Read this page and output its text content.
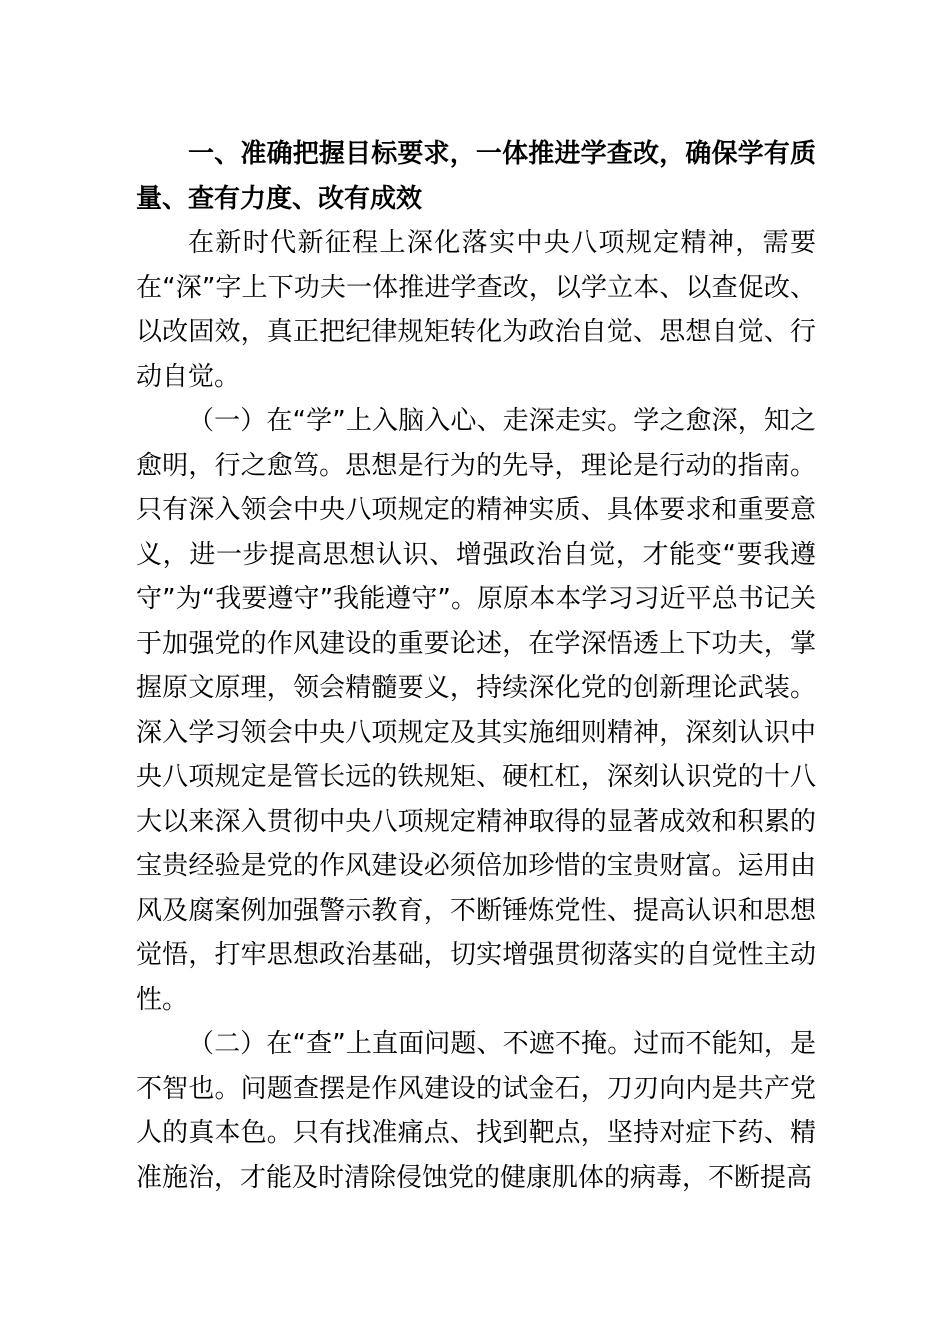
一、准确把握目标要求，一体推进学查改，确保学有质量、查有力度、改有成效

在新时代新征程上深化落实中央八项规定精神，需要在“深”字上下功夫一体推进学查改，以学立本、以查促改、以改固效，真正把纪律规矩转化为政治自觉、思想自觉、行动自觉。

（一）在“学”上入脑入心、走深走实。学之愈深，知之愈明，行之愈笃。思想是行为的先导，理论是行动的指南。只有深入领会中央八项规定的精神实质、具体要求和重要意义，进一步提高思想认识、增强政治自觉，才能变“要我遵守”为“我要遵守”我能遵守”。原原本本学习习近平总书记关于加强党的作风建设的重要论述，在学深悟透上下功夫，掌握原文原理，领会精髓要义，持续深化党的创新理论武装。深入学习领会中央八项规定及其实施细则精神，深刻认识中央八项规定是管长远的铁规矩、硬杠杠，深刻认识党的十八大以来深入贯彻中央八项规定精神取得的显著成效和积累的宝贵经验是党的作风建设必须倍加珍惜的宝贵财富。运用由风及腐案例加强警示教育，不断锤炼党性、提高认识和思想觉悟，打牢思想政治基础，切实增强贯彻落实的自觉性主动性。

（二）在“查”上直面问题、不遮不掩。过而不能知，是不智也。问题查摆是作风建设的试金石，刀刃向内是共产党人的真本色。只有找准痛点、找到靶点，坚持对症下药、精准施治，才能及时清除侵蚀党的健康肌体的病毒，不断提高
